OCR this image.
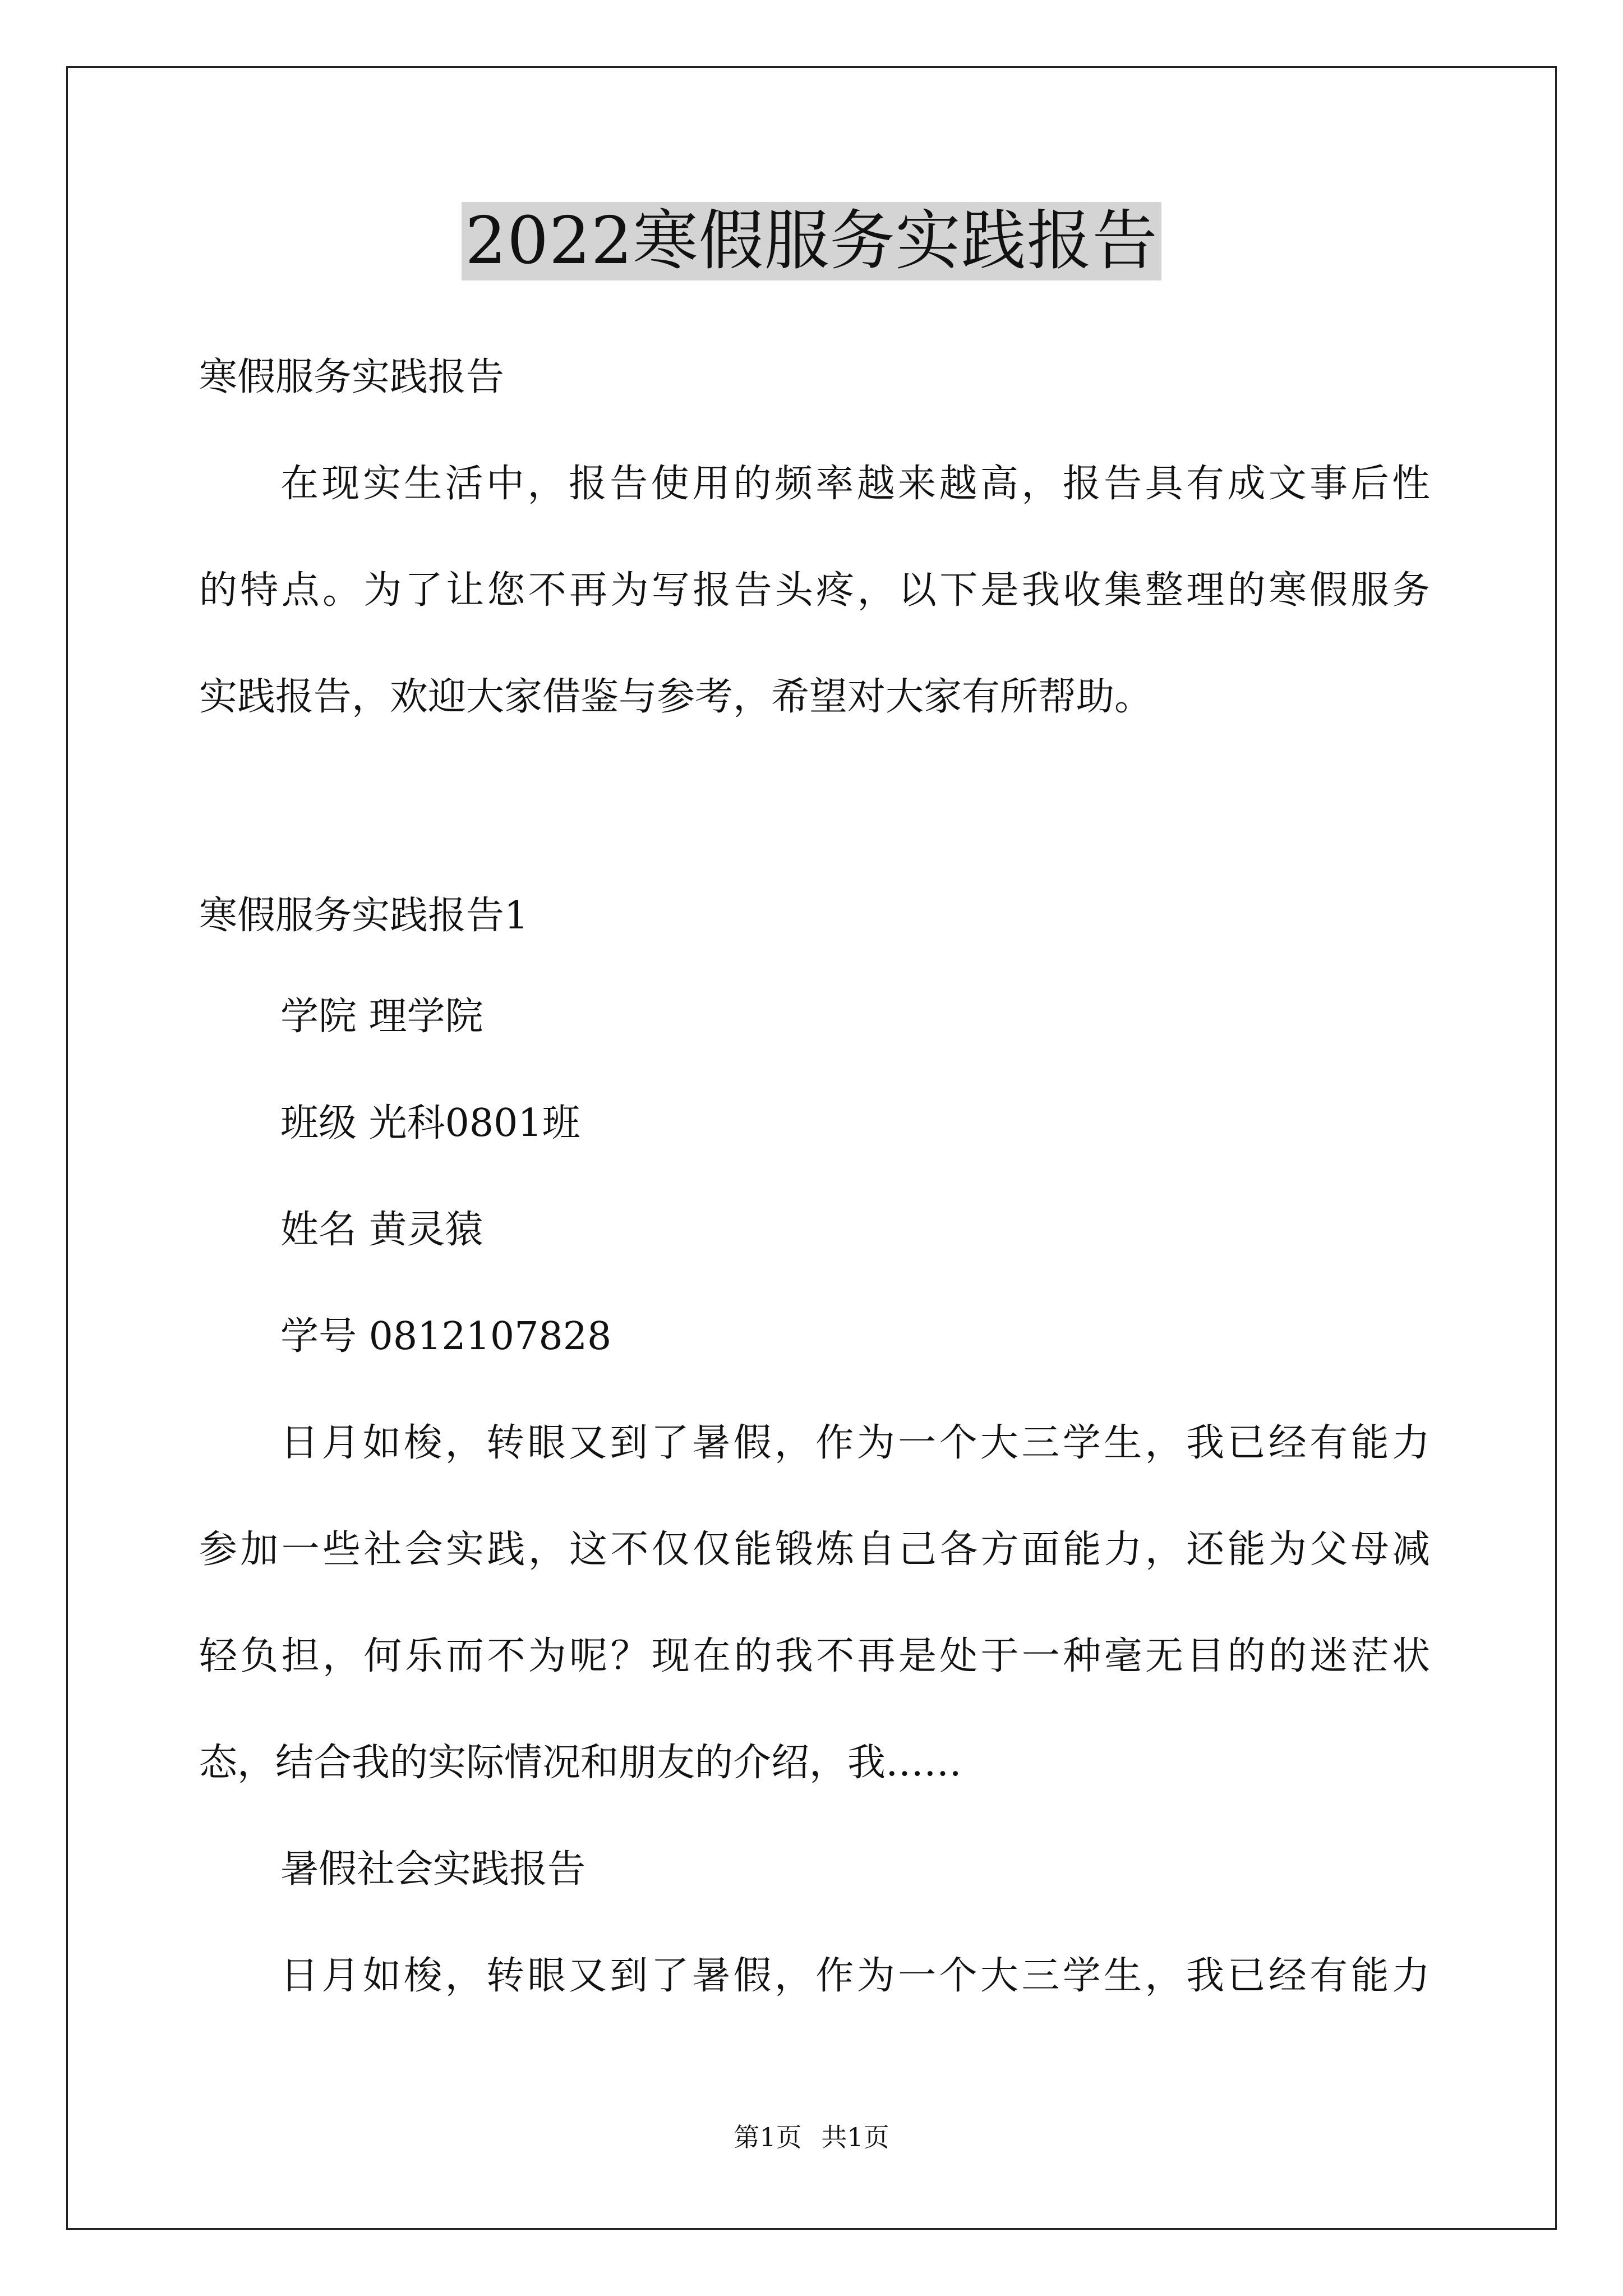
2022寒假服务实践报告
寒假服务实践报告
在现实生活中，报告使用的频率越来越高，报告具有成文事后性
的特点。为了让您不再为写报告头疼，以下是我收集整理的寒假服务
实践报告，欢迎大家借鉴与参考，希望对大家有所帮助。
寒假服务实践报告1
学院 理学院
班级 光科0801班
姓名 黄灵猿
学号 0812107828
日月如梭，转眼又到了暑假，作为一个大三学生，我已经有能力
参加一些社会实践，这不仅仅能锻炼自己各方面能力，还能为父母减
轻负担，何乐而不为呢？现在的我不再是处于一种毫无目的的迷茫状
态，结合我的实际情况和朋友的介绍，我……
暑假社会实践报告
日月如梭，转眼又到了暑假，作为一个大三学生，我已经有能力
第1页 共1页
